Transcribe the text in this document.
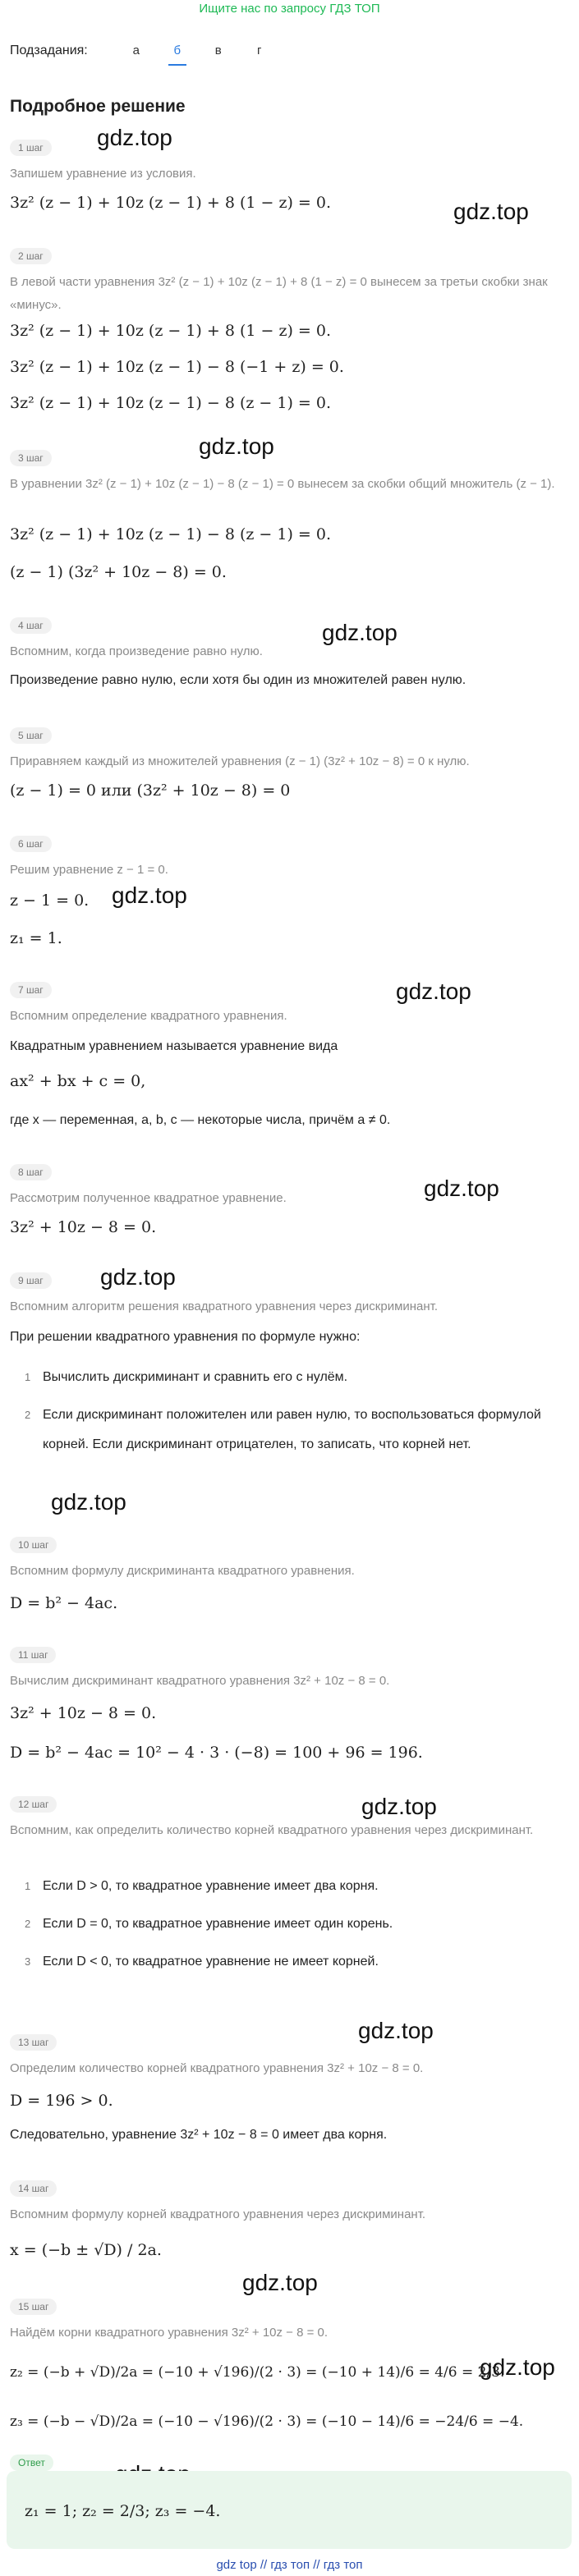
Ищите нас по запросу ГДЗ ТОП
Подзадания:	а	б	в	г
Подробное решение
gdz.top
gdz.top
gdz.top
gdz.top
gdz.top
gdz.top
gdz.top
gdz.top
gdz.top
gdz.top
gdz.top
gdz.top
gdz.top
1 шаг
Запишем уравнение из условия.
3z² (z − 1) + 10z (z − 1) + 8 (1 − z) = 0.
2 шаг
В левой части уравнения 3z² (z − 1) + 10z (z − 1) + 8 (1 − z) = 0 вынесем за третьи скобки знак «минус».
3z² (z − 1) + 10z (z − 1) + 8 (1 − z) = 0.
3z² (z − 1) + 10z (z − 1) − 8 (−1 + z) = 0.
3z² (z − 1) + 10z (z − 1) − 8 (z − 1) = 0.
3 шаг
В уравнении 3z² (z − 1) + 10z (z − 1) − 8 (z − 1) = 0 вынесем за скобки общий множитель (z − 1).
3z² (z − 1) + 10z (z − 1) − 8 (z − 1) = 0.
(z − 1) (3z² + 10z − 8) = 0.
4 шаг
Вспомним, когда произведение равно нулю.
Произведение равно нулю, если хотя бы один из множителей равен нулю.
5 шаг
Приравняем каждый из множителей уравнения (z − 1) (3z² + 10z − 8) = 0 к нулю.
(z − 1) = 0 или (3z² + 10z − 8) = 0
6 шаг
Решим уравнение z − 1 = 0.
z − 1 = 0.
z₁ = 1.
7 шаг
Вспомним определение квадратного уравнения.
Квадратным уравнением называется уравнение вида
ax² + bx + c = 0,
где x — переменная, a, b, c — некоторые числа, причём a ≠ 0.
8 шаг
Рассмотрим полученное квадратное уравнение.
3z² + 10z − 8 = 0.
9 шаг
Вспомним алгоритм решения квадратного уравнения через дискриминант.
При решении квадратного уравнения по формуле нужно:
1 Вычислить дискриминант и сравнить его с нулём.
2 Если дискриминант положителен или равен нулю, то воспользоваться формулой корней. Если дискриминант отрицателен, то записать, что корней нет.
10 шаг
Вспомним формулу дискриминанта квадратного уравнения.
D = b² − 4ac.
11 шаг
Вычислим дискриминант квадратного уравнения 3z² + 10z − 8 = 0.
3z² + 10z − 8 = 0.
D = b² − 4ac = 10² − 4 · 3 · (−8) = 100 + 96 = 196.
12 шаг
Вспомним, как определить количество корней квадратного уравнения через дискриминант.
1 Если D > 0, то квадратное уравнение имеет два корня.
2 Если D = 0, то квадратное уравнение имеет один корень.
3 Если D < 0, то квадратное уравнение не имеет корней.
13 шаг
Определим количество корней квадратного уравнения 3z² + 10z − 8 = 0.
D = 196 > 0.
Следовательно, уравнение 3z² + 10z − 8 = 0 имеет два корня.
14 шаг
Вспомним формулу корней квадратного уравнения через дискриминант.
x = (−b ± √D) / 2a.
15 шаг
Найдём корни квадратного уравнения 3z² + 10z − 8 = 0.
z₂ = (−b + √D)/2a = (−10 + √196)/(2 · 3) = (−10 + 14)/6 = 4/6 = 2/3.
z₃ = (−b − √D)/2a = (−10 − √196)/(2 · 3) = (−10 − 14)/6 = −24/6 = −4.
Ответ
z₁ = 1; z₂ = 2/3; z₃ = −4.
gdz top // гдз топ // гдз топ
